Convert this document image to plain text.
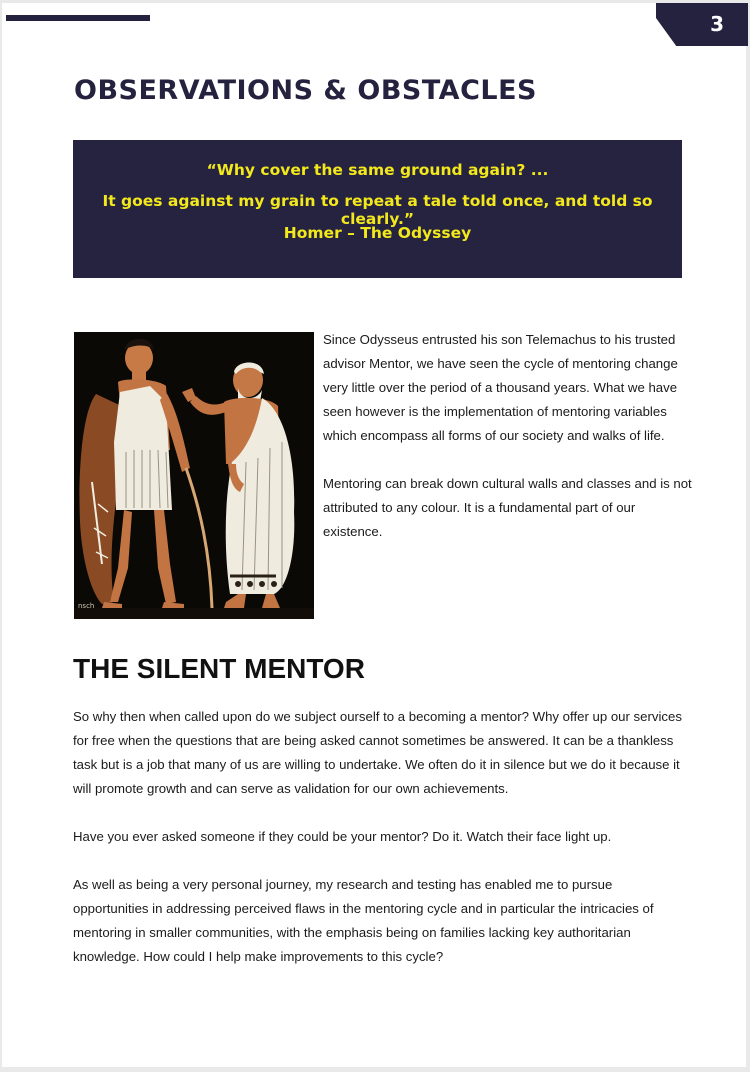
3
OBSERVATIONS & OBSTACLES
“Why cover the same ground again? ...
It goes against my grain to repeat a tale told once, and told so clearly.”
Homer – The Odyssey
nsch

Since Odysseus entrusted his son Telemachus to his trusted advisor Mentor, we have seen the cycle of mentoring change very little over the period of a thousand years. What we have seen however is the implementation of mentoring variables which encompass all forms of our society and walks of life.

Mentoring can break down cultural walls and classes and is not attributed to any colour. It is a fundamental part of our existence.

THE SILENT MENTOR

So why then when called upon do we subject ourself to a becoming a mentor? Why offer up our services for free when the questions that are being asked cannot sometimes be answered. It can be a thankless task but is a job that many of us are willing to undertake. We often do it in silence but we do it because it will promote growth and can serve as validation for our own achievements.

Have you ever asked someone if they could be your mentor? Do it. Watch their face light up.

As well as being a very personal journey, my research and testing has enabled me to pursue opportunities in addressing perceived flaws in the mentoring cycle and in particular the intricacies of mentoring in smaller communities, with the emphasis being on families lacking key authoritarian knowledge. How could I help make improvements to this cycle?
